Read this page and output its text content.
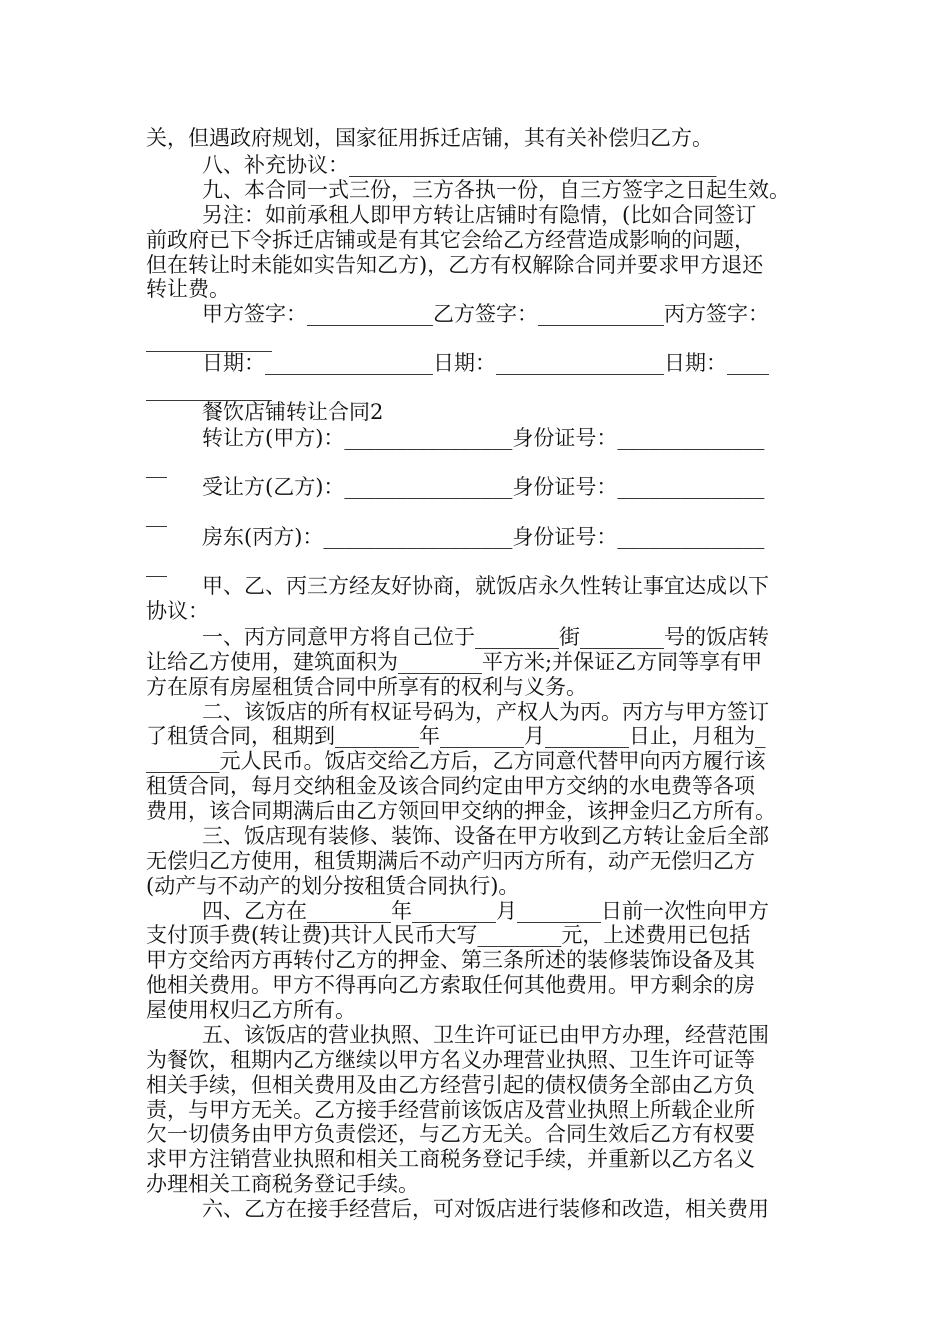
关，但遇政府规划，国家征用拆迁店铺，其有关补偿归乙方。
八、补充协议：___________________________________
九、本合同一式三份，三方各执一份，自三方签字之日起生效。
另注：如前承租人即甲方转让店铺时有隐情，(比如合同签订
前政府已下令拆迁店铺或是有其它会给乙方经营造成影响的问题，
但在转让时未能如实告知乙方)，乙方有权解除合同并要求甲方退还
转让费。
甲方签字：____________乙方签字：____________丙方签字：
____________
日期：________________日期：________________日期：____
____________
餐饮店铺转让合同2
转让方(甲方)：________________身份证号：______________
__
受让方(乙方)：________________身份证号：______________
__
房东(丙方)：__________________身份证号：______________
__
甲、乙、丙三方经友好协商，就饭店永久性转让事宜达成以下
协议：
一、丙方同意甲方将自己位于________街________号的饭店转
让给乙方使用，建筑面积为________平方米;并保证乙方同等享有甲
方在原有房屋租赁合同中所享有的权利与义务。
二、该饭店的所有权证号码为，产权人为丙。丙方与甲方签订
了租赁合同，租期到________年________月________日止，月租为_
_______元人民币。饭店交给乙方后，乙方同意代替甲向丙方履行该
租赁合同，每月交纳租金及该合同约定由甲方交纳的水电费等各项
费用，该合同期满后由乙方领回甲交纳的押金，该押金归乙方所有。
三、饭店现有装修、装饰、设备在甲方收到乙方转让金后全部
无偿归乙方使用，租赁期满后不动产归丙方所有，动产无偿归乙方
(动产与不动产的划分按租赁合同执行)。
四、乙方在________年________月________日前一次性向甲方
支付顶手费(转让费)共计人民币大写________元，上述费用已包括
甲方交给丙方再转付乙方的押金、第三条所述的装修装饰设备及其
他相关费用。甲方不得再向乙方索取任何其他费用。甲方剩余的房
屋使用权归乙方所有。
五、该饭店的营业执照、卫生许可证已由甲方办理，经营范围
为餐饮，租期内乙方继续以甲方名义办理营业执照、卫生许可证等
相关手续，但相关费用及由乙方经营引起的债权债务全部由乙方负
责，与甲方无关。乙方接手经营前该饭店及营业执照上所载企业所
欠一切债务由甲方负责偿还，与乙方无关。合同生效后乙方有权要
求甲方注销营业执照和相关工商税务登记手续，并重新以乙方名义
办理相关工商税务登记手续。
六、乙方在接手经营后，可对饭店进行装修和改造，相关费用
